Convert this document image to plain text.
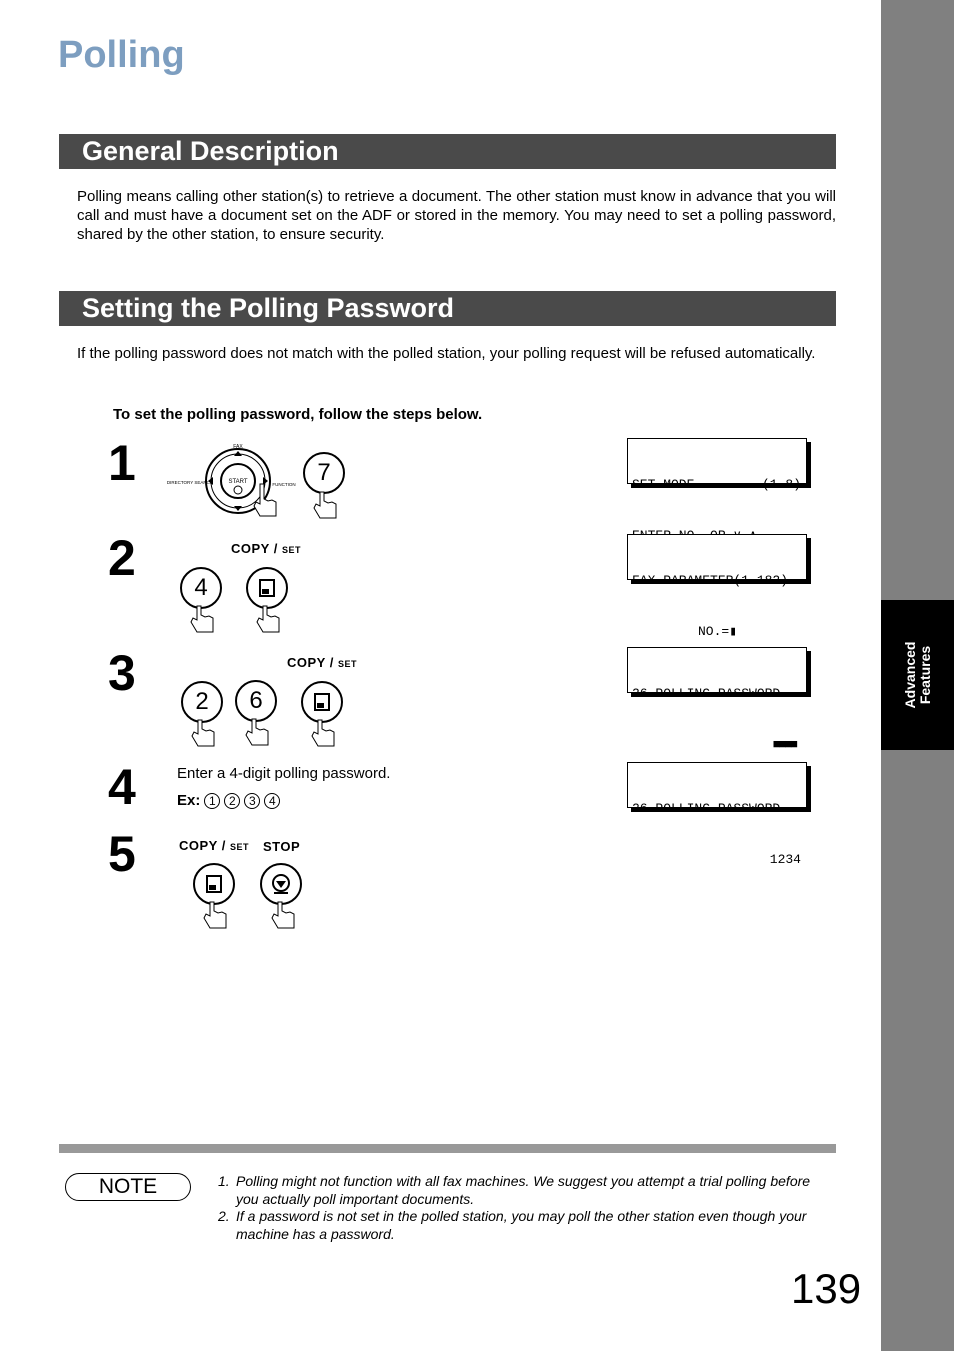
Advanced Features
Polling
General Description

Polling means calling other station(s) to retrieve a document. The other station must know in advance that you will call and must have a document set on the ADF or stored in the memory. You may need to set a polling password, shared by the other station, to ensure security.

Setting the Polling Password

If the polling password does not match with the polled station, your polling request will be refused automatically.

To set the polling password, follow the steps below.
1	START
FAX
DIRECTORY SEARCH	FUNCTION 7

	SET MODE	(1-8)

2	COPY / SET
4

	FAX PARAMETER(1-182)

NO.=▮

3	COPY / SET
2	6

	26 POLLING PASSWORD

■■■■

4	Enter a 4-digit polling password.
Ex: 1	2	3	4

26 POLLING PASSWORD

1234

5	COPY / SET STOP
NOTE	1. Polling might not function with all fax machines. We suggest you attempt a trial polling before you actually poll important documents.
2. If a password is not set in the polled station, you may poll the other station even though your machine has a password.
139
